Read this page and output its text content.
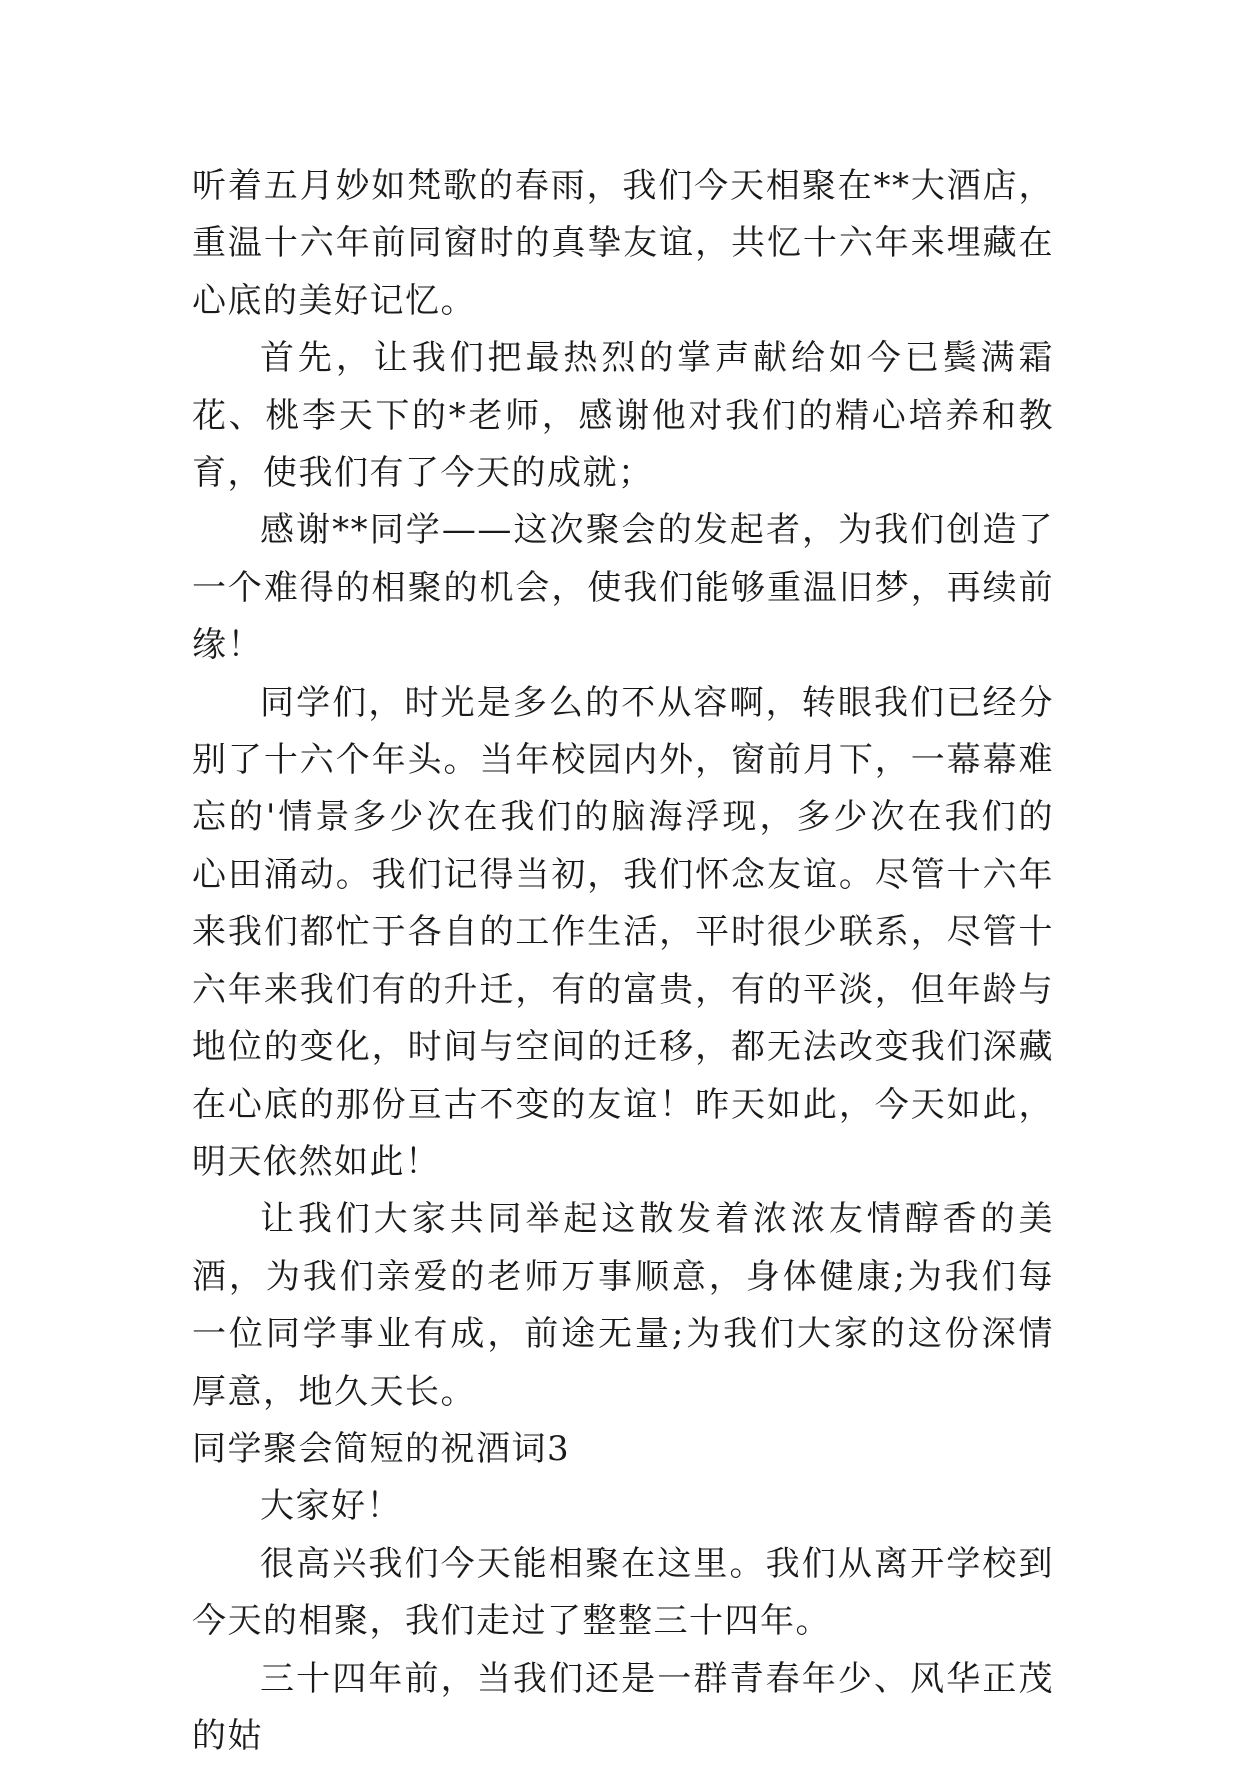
听着五月妙如梵歌的春雨，我们今天相聚在**大酒店，重温十六年前同窗时的真挚友谊，共忆十六年来埋藏在心底的美好记忆。

首先，让我们把最热烈的掌声献给如今已鬓满霜花、桃李天下的*老师，感谢他对我们的精心培养和教育，使我们有了今天的成就；

感谢**同学——这次聚会的发起者，为我们创造了一个难得的相聚的机会，使我们能够重温旧梦，再续前缘！

同学们，时光是多么的不从容啊，转眼我们已经分别了十六个年头。当年校园内外，窗前月下，一幕幕难忘的'情景多少次在我们的脑海浮现，多少次在我们的心田涌动。我们记得当初，我们怀念友谊。尽管十六年来我们都忙于各自的工作生活，平时很少联系，尽管十六年来我们有的升迁，有的富贵，有的平淡，但年龄与地位的变化，时间与空间的迁移，都无法改变我们深藏在心底的那份亘古不变的友谊！昨天如此，今天如此，明天依然如此！

让我们大家共同举起这散发着浓浓友情醇香的美酒，为我们亲爱的老师万事顺意，身体健康;为我们每一位同学事业有成，前途无量;为我们大家的这份深情厚意，地久天长。

同学聚会简短的祝酒词3

大家好！

很高兴我们今天能相聚在这里。我们从离开学校到今天的相聚，我们走过了整整三十四年。

三十四年前，当我们还是一群青春年少、风华正茂的姑
